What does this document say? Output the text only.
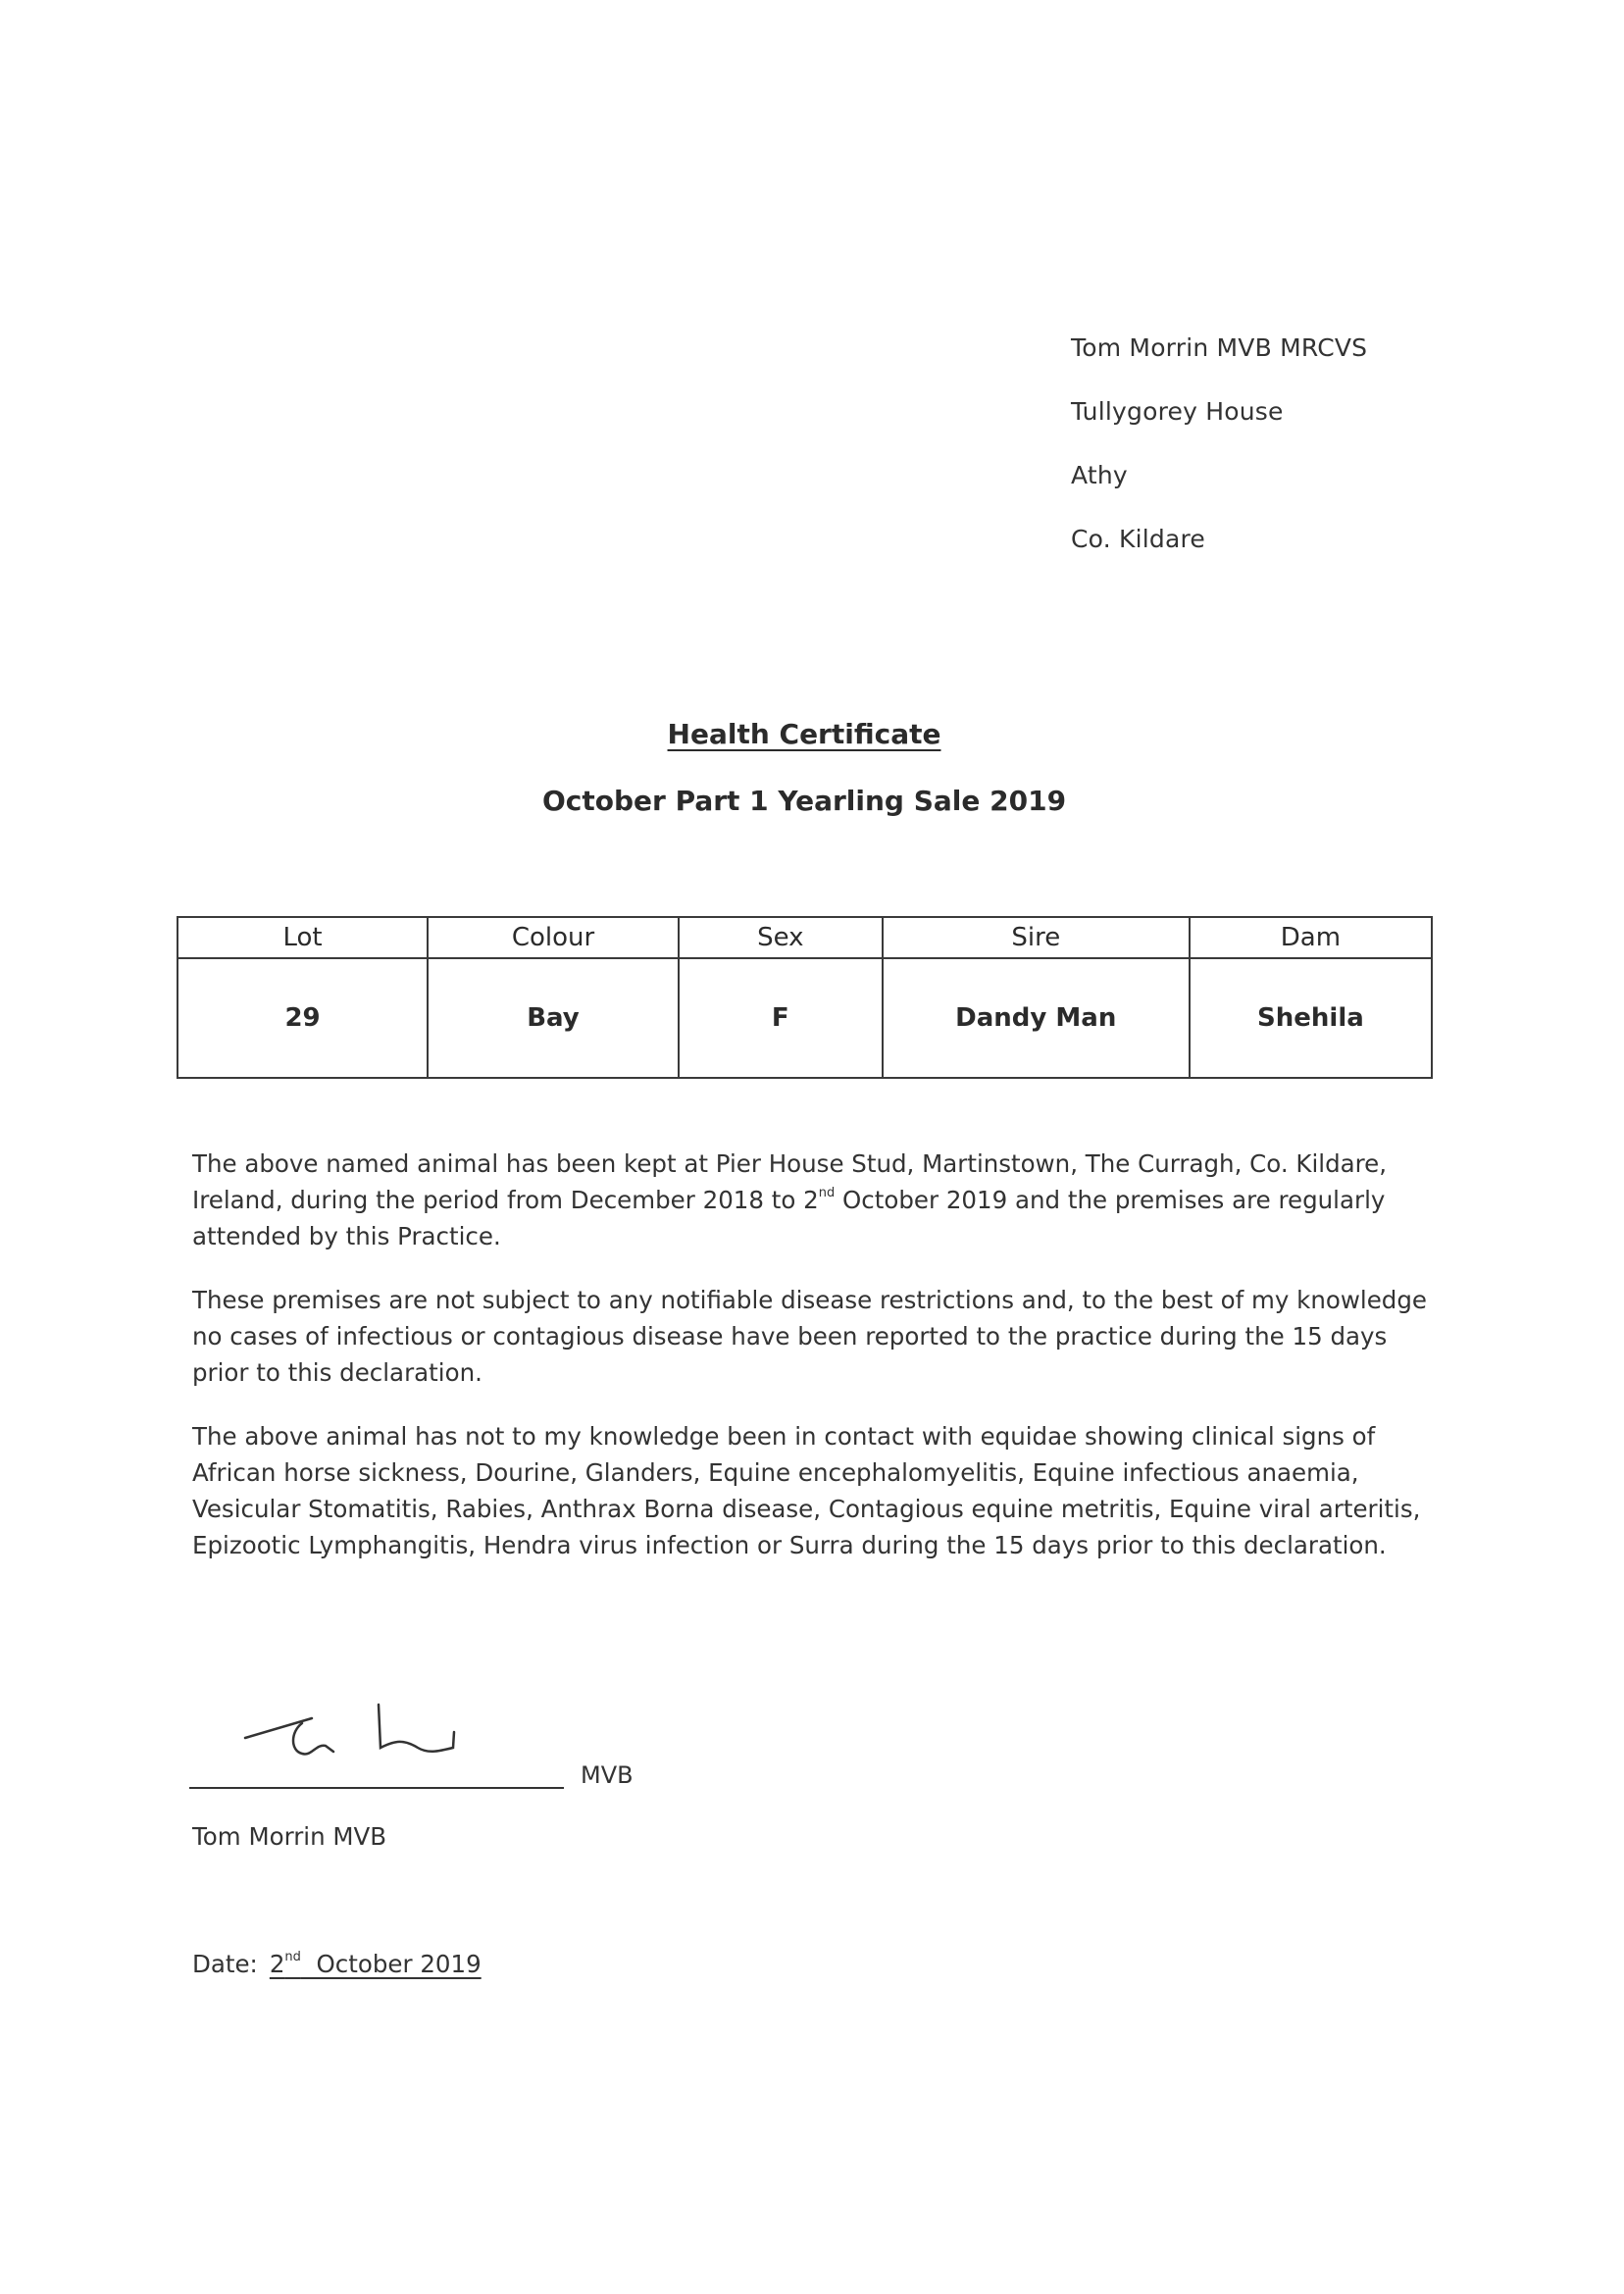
Tom Morrin MVB MRCVS
Tullygorey House
Athy
Co. Kildare
Health Certificate
October Part 1 Yearling Sale 2019
Lot	Colour	Sex	Sire	Dam
29	Bay	F	Dandy Man	Shehila
The above named animal has been kept at Pier House Stud, Martinstown, The Curragh, Co. Kildare, Ireland, during the period from December 2018 to 2nd October 2019 and the premises are regularly attended by this Practice.
These premises are not subject to any notifiable disease restrictions and, to the best of my knowledge no cases of infectious or contagious disease have been reported to the practice during the 15 days prior to this declaration.
The above animal has not to my knowledge been in contact with equidae showing clinical signs of African horse sickness, Dourine, Glanders, Equine encephalomyelitis, Equine infectious anaemia, Vesicular Stomatitis, Rabies, Anthrax Borna disease, Contagious equine metritis, Equine viral arteritis, Epizootic Lymphangitis, Hendra virus infection or Surra during the 15 days prior to this declaration.
MVB
Tom Morrin MVB
Date: 2nd  October 2019
